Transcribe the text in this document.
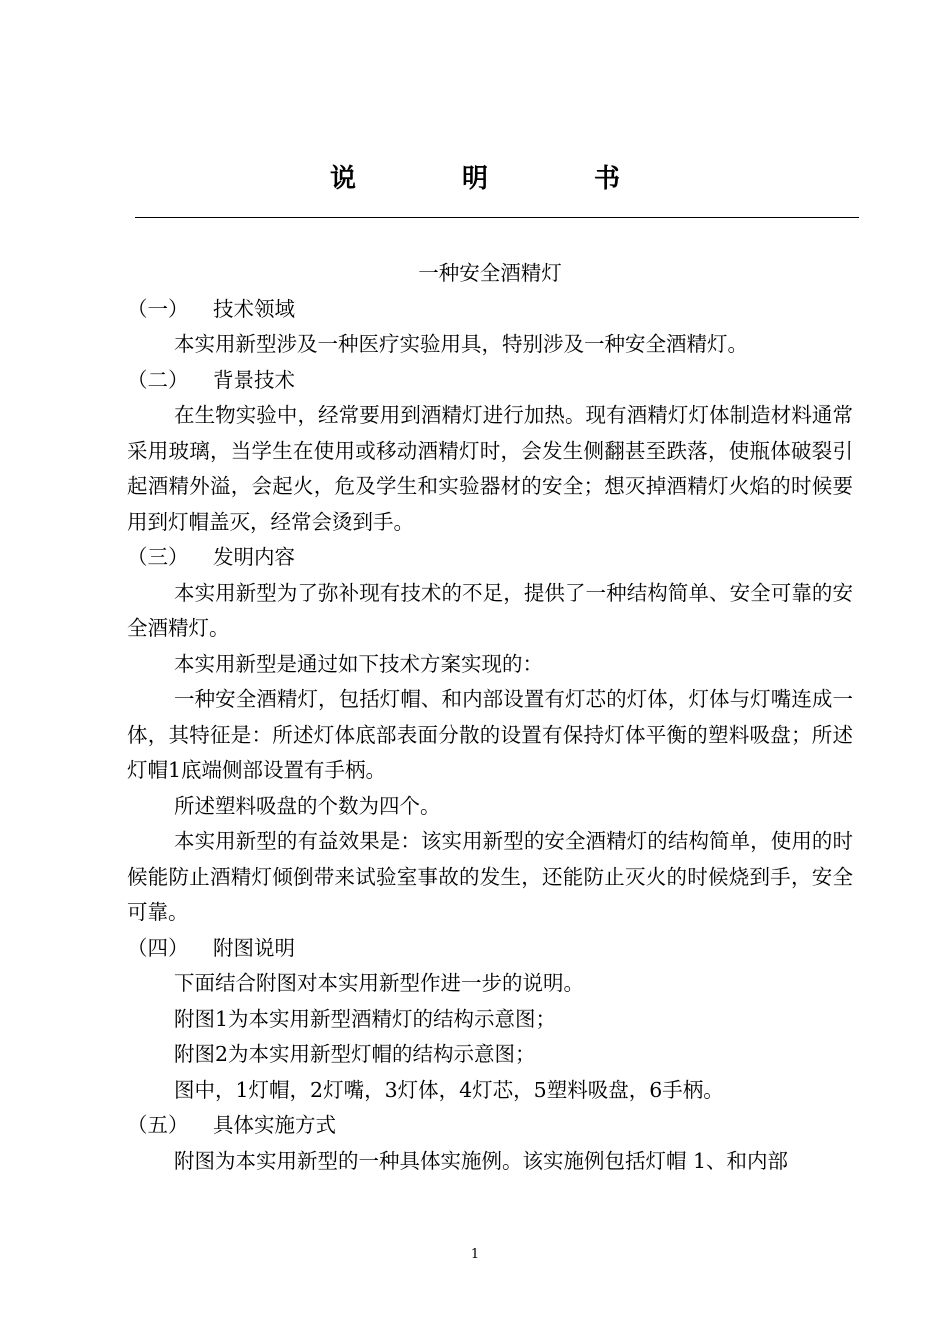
说　明　书

一种安全酒精灯

（一） 技术领域

本实用新型涉及一种医疗实验用具，特别涉及一种安全酒精灯。

（二） 背景技术

在生物实验中，经常要用到酒精灯进行加热。现有酒精灯灯体制造材料通常采用玻璃，当学生在使用或移动酒精灯时，会发生侧翻甚至跌落，使瓶体破裂引起酒精外溢，会起火，危及学生和实验器材的安全；想灭掉酒精灯火焰的时候要用到灯帽盖灭，经常会烫到手。

（三） 发明内容

本实用新型为了弥补现有技术的不足，提供了一种结构简单、安全可靠的安全酒精灯。

本实用新型是通过如下技术方案实现的：

一种安全酒精灯，包括灯帽、和内部设置有灯芯的灯体，灯体与灯嘴连成一体，其特征是：所述灯体底部表面分散的设置有保持灯体平衡的塑料吸盘；所述灯帽1底端侧部设置有手柄。

所述塑料吸盘的个数为四个。

本实用新型的有益效果是：该实用新型的安全酒精灯的结构简单，使用的时候能防止酒精灯倾倒带来试验室事故的发生，还能防止灭火的时候烧到手，安全可靠。

（四） 附图说明

下面结合附图对本实用新型作进一步的说明。

附图1为本实用新型酒精灯的结构示意图；

附图2为本实用新型灯帽的结构示意图；

图中，1灯帽，2灯嘴，3灯体，4灯芯，5塑料吸盘，6手柄。

（五） 具体实施方式

附图为本实用新型的一种具体实施例。该实施例包括灯帽 1、和内部

1
